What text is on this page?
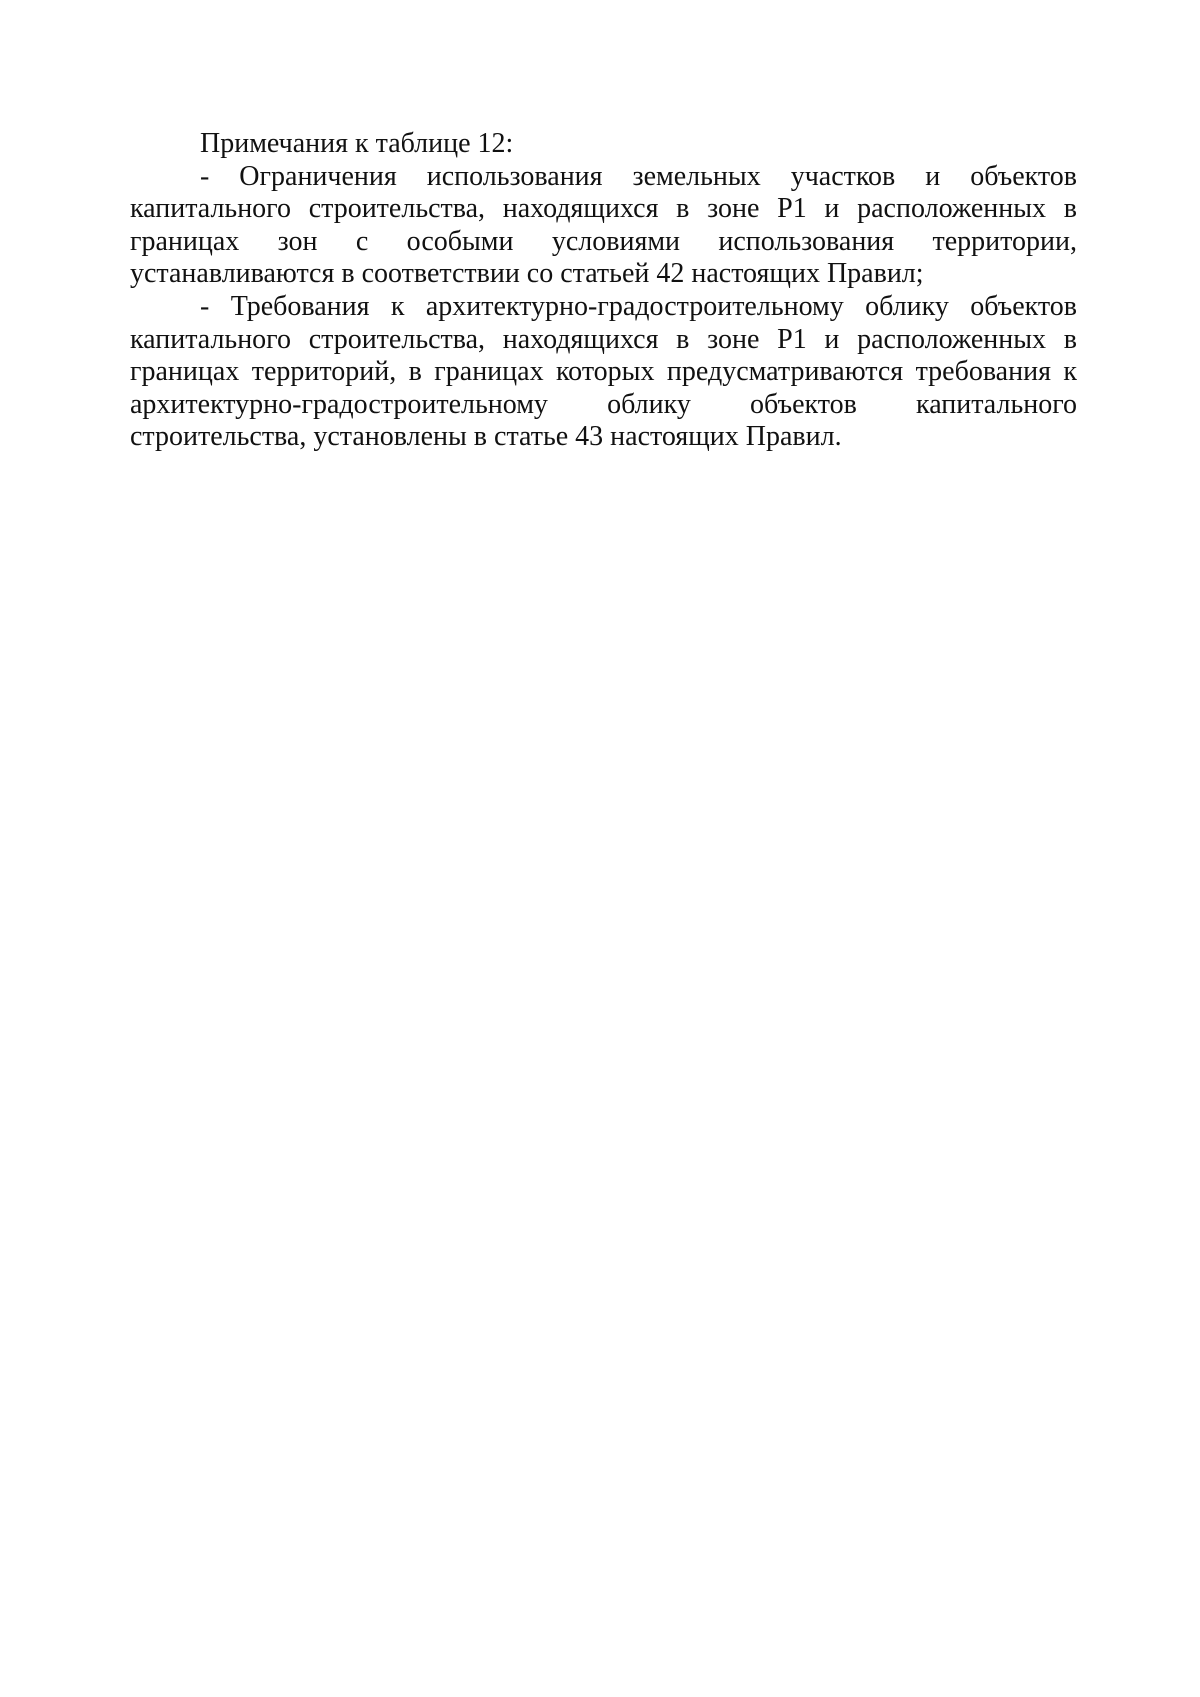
Примечания к таблице 12:

- Ограничения использования земельных участков и объектов капитального строительства, находящихся в зоне Р1 и расположенных в границах зон с особыми условиями использования территории, устанавливаются в соответствии со статьей 42 настоящих Правил;

- Требования к архитектурно-градостроительному облику объектов капитального строительства, находящихся в зоне Р1 и расположенных в границах территорий, в границах которых предусматриваются требования к архитектурно-градостроительному облику объектов капитального строительства, установлены в статье 43 настоящих Правил.
